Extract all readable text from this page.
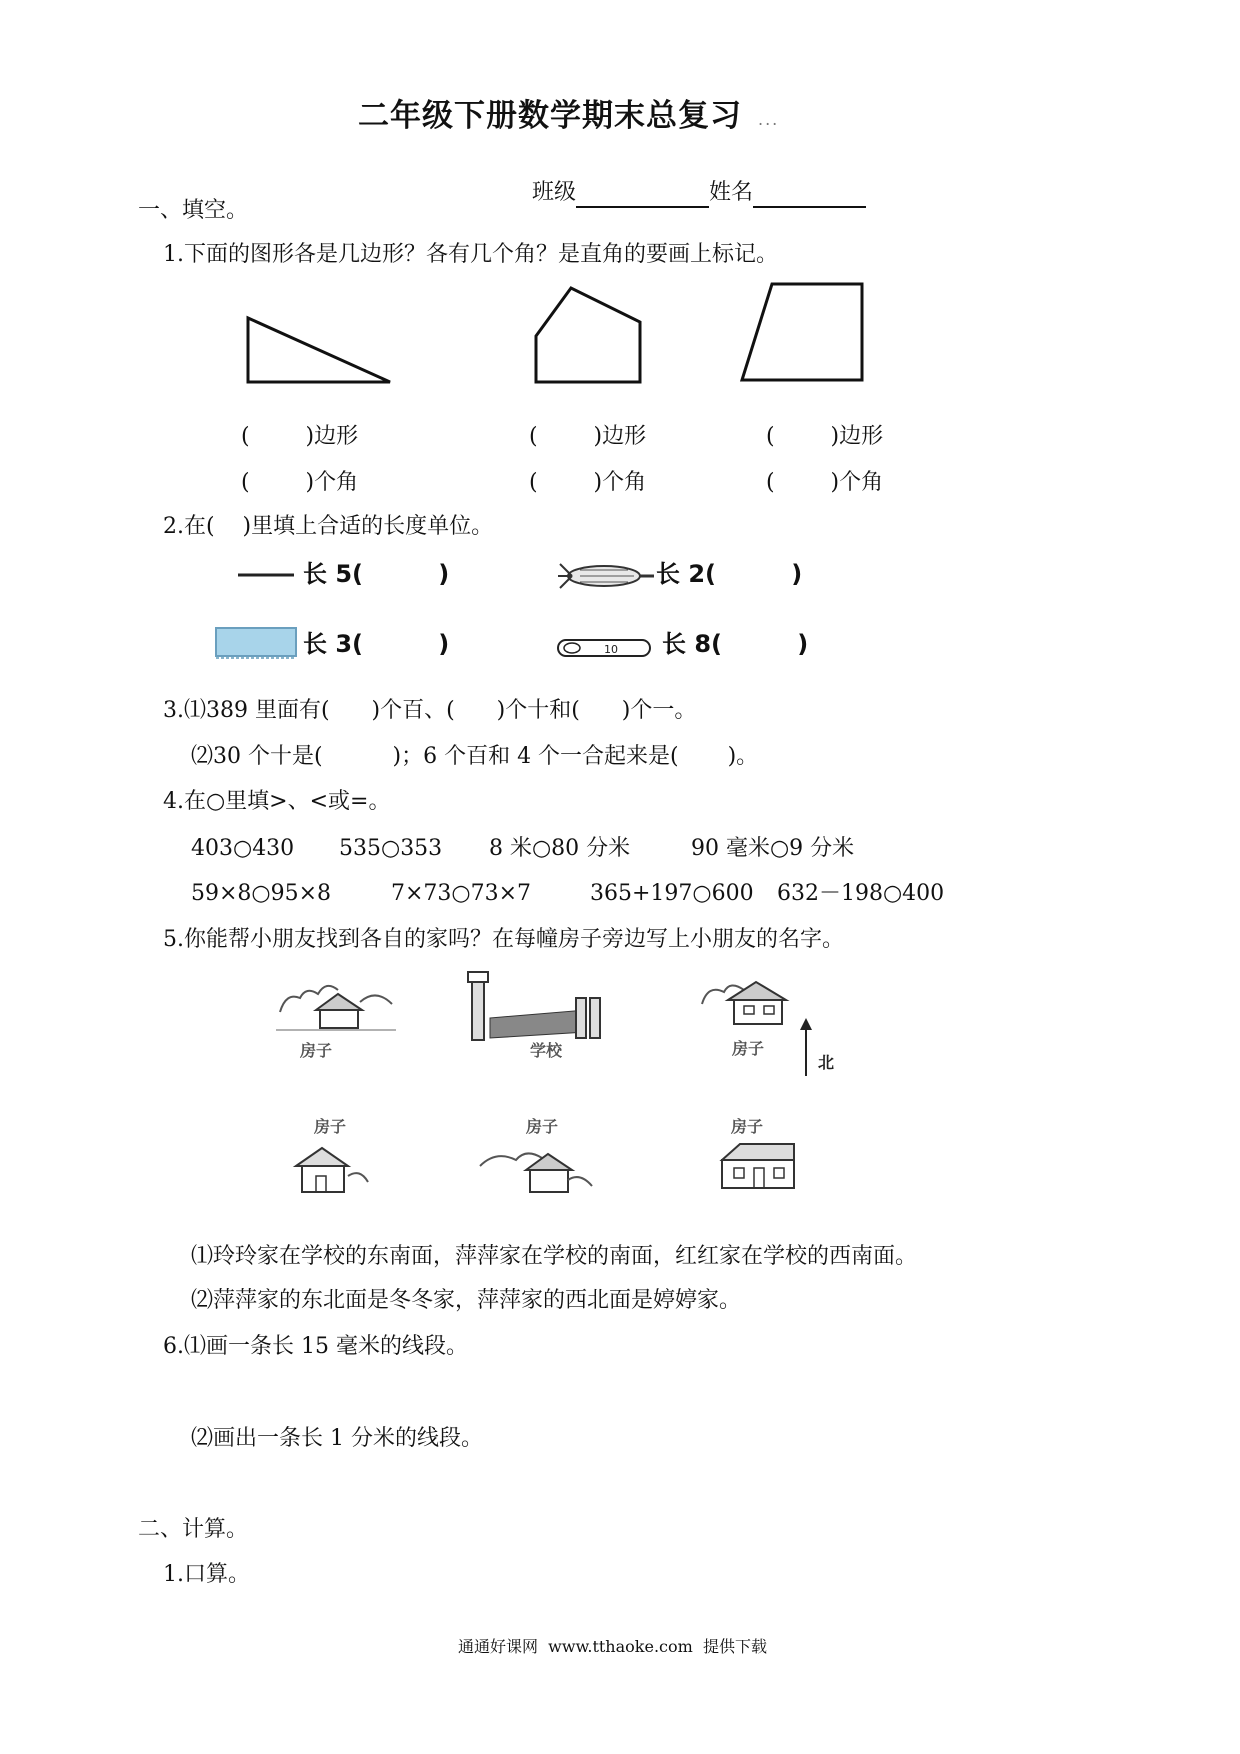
二年级下册数学期末总复习 ...

班级	姓名

一、填空。
1.下面的图形各是几边形？各有几个角？是直角的要画上标记。
(        )边形	(        )边形	(        )边形
(        )个角	(        )个角	(        )个角
2.在(    )里填上合适的长度单位。
长 5(         )	长 2(         )
长 3(         )	10 长 8(         )
3.⑴389 里面有(      )个百、(      )个十和(      )个一。
⑵30 个十是(          )；6 个百和 4 个一合起来是(       )。
4.在○里填>、<或=。
403○430 535○353 8 米○80 分米	90 毫米○9 分米
59×8○95×8	7×73○73×7	365+197○600 632－198○400
5.你能帮小朋友找到各自的家吗？在每幢房子旁边写上小朋友的名字。
房子	学校	房子
北
房子	房子	房子
⑴玲玲家在学校的东南面，萍萍家在学校的南面，红红家在学校的西南面。
⑵萍萍家的东北面是冬冬家，萍萍家的西北面是婷婷家。
6.⑴画一条长 15 毫米的线段。
⑵画出一条长 1 分米的线段。
二、计算。
1.口算。
通通好课网  www.tthaoke.com  提供下载
